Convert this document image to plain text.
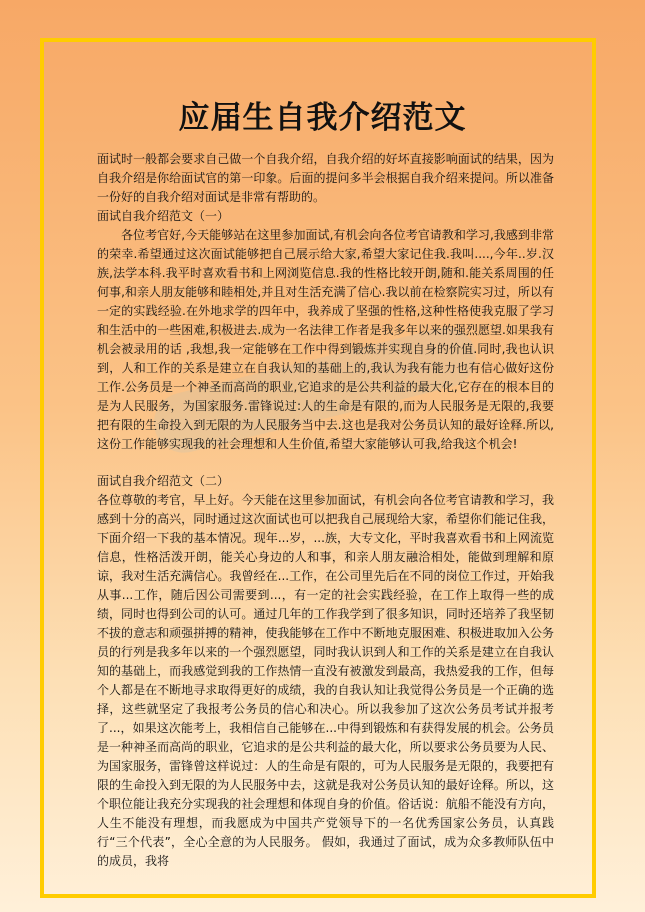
应届生自我介绍范文

面试时一般都会要求自己做一个自我介绍，自我介绍的好坏直接影响面试的结果，因为自我介绍是你给面试官的第一印象。后面的提问多半会根据自我介绍来提问。所以准备一份好的自我介绍对面试是非常有帮助的。

面试自我介绍范文（一）

各位考官好,今天能够站在这里参加面试,有机会向各位考官请教和学习,我感到非常的荣幸.希望通过这次面试能够把自己展示给大家,希望大家记住我.我叫....,今年..岁.汉族,法学本科.我平时喜欢看书和上网浏览信息.我的性格比较开朗,随和.能关系周围的任何事,和亲人朋友能够和睦相处,并且对生活充满了信心.我以前在检察院实习过，所以有一定的实践经验.在外地求学的四年中，我养成了坚强的性格,这种性格使我克服了学习和生活中的一些困难,积极进去.成为一名法律工作者是我多年以来的强烈愿望.如果我有机会被录用的话 ,我想,我一定能够在工作中得到锻炼并实现自身的价值.同时,我也认识到，人和工作的关系是建立在自我认知的基础上的,我认为我有能力也有信心做好这份工作.公务员是一个神圣而高尚的职业,它追求的是公共利益的最大化,它存在的根本目的是为人民服务，为国家服务.雷锋说过:人的生命是有限的,而为人民服务是无限的,我要把有限的生命投入到无限的为人民服务当中去.这也是我对公务员认知的最好诠释.所以,这份工作能够实现我的社会理想和人生价值,希望大家能够认可我,给我这个机会!

面试自我介绍范文（二）

各位尊敬的考官，早上好。今天能在这里参加面试，有机会向各位考官请教和学习，我感到十分的高兴，同时通过这次面试也可以把我自己展现给大家，希望你们能记住我，下面介绍一下我的基本情况。现年...岁，...族，大专文化，平时我喜欢看书和上网流览信息，性格活泼开朗，能关心身边的人和事，和亲人朋友融洽相处，能做到理解和原谅，我对生活充满信心。我曾经在...工作，在公司里先后在不同的岗位工作过，开始我从事...工作，随后因公司需要到...，有一定的社会实践经验，在工作上取得一些的成绩，同时也得到公司的认可。通过几年的工作我学到了很多知识，同时还培养了我坚韧不拔的意志和顽强拼搏的精神，使我能够在工作中不断地克服困难、积极进取加入公务员的行列是我多年以来的一个强烈愿望，同时我认识到人和工作的关系是建立在自我认知的基础上，而我感觉到我的工作热情一直没有被激发到最高，我热爱我的工作，但每个人都是在不断地寻求取得更好的成绩，我的自我认知让我觉得公务员是一个正确的选择，这些就坚定了我报考公务员的信心和决心。所以我参加了这次公务员考试并报考了...，如果这次能考上，我相信自己能够在...中得到锻炼和有获得发展的机会。公务员是一种神圣而高尚的职业，它追求的是公共利益的最大化，所以要求公务员要为人民、为国家服务，雷锋曾这样说过：人的生命是有限的，可为人民服务是无限的，我要把有限的生命投入到无限的为人民服务中去，这就是我对公务员认知的最好诠释。所以，这个职位能让我充分实现我的社会理想和体现自身的价值。俗话说：航船不能没有方向，人生不能没有理想，而我愿成为中国共产党领导下的一名优秀国家公务员，认真践行“三个代表”，全心全意的为人民服务。 假如，我通过了面试，成为众多教师队伍中的成员，我将
